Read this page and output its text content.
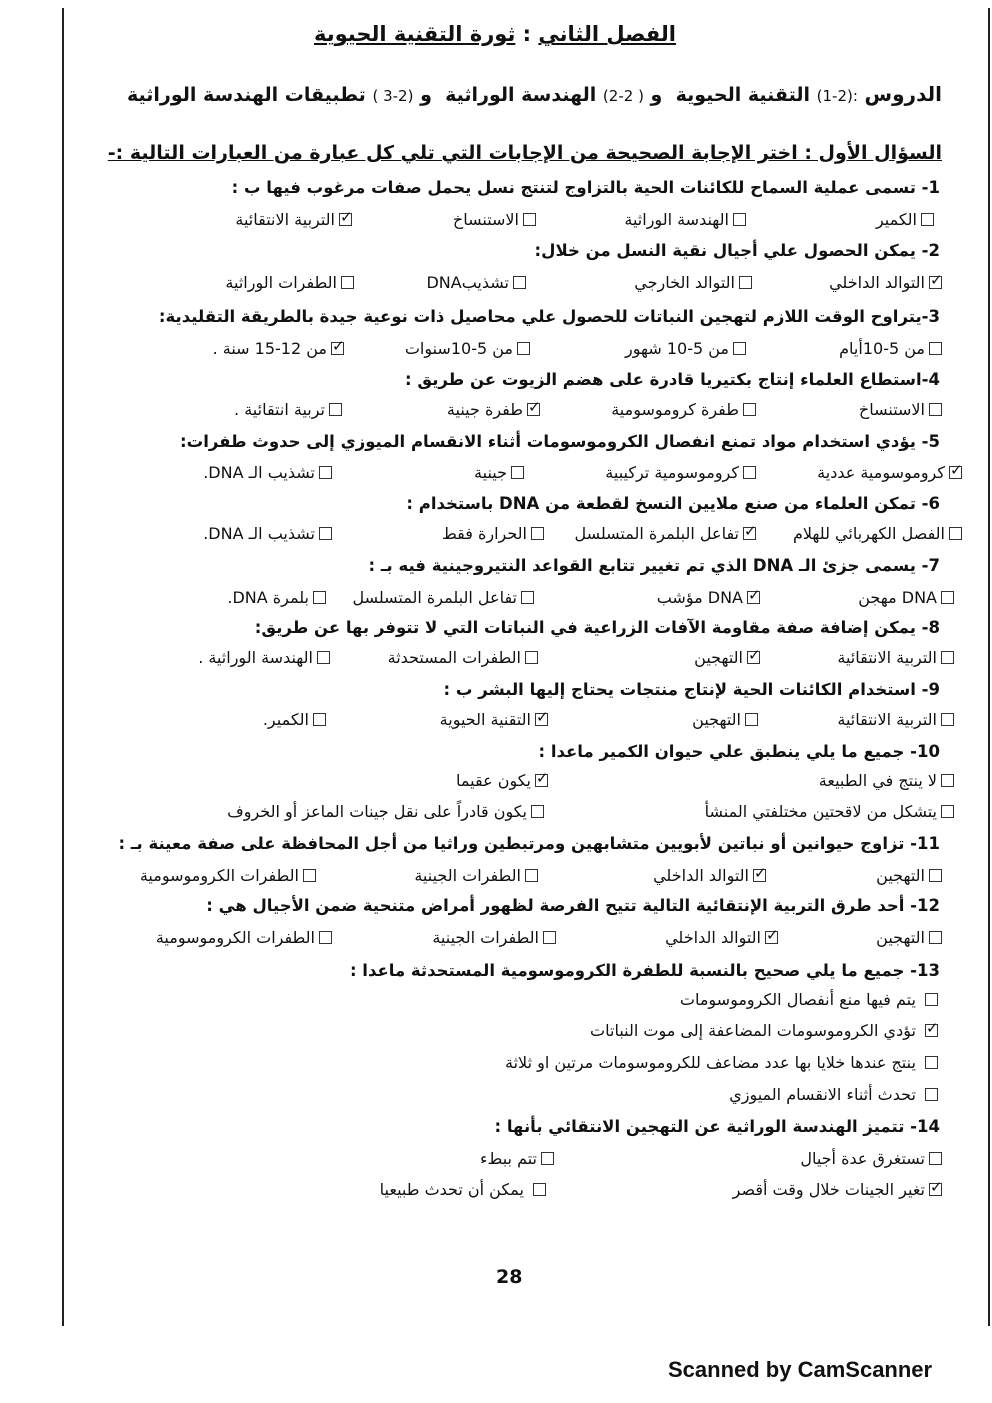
الفصل الثاني : ثورة التقنية الحيوية
الدروس :(2-1) التقنية الحيوية  و ( 2-2) الهندسة الوراثية  و (2-3 ) تطبيقات الهندسة الوراثية
السؤال الأول : اختر الإجابة الصحيحة من الإجابات التي تلي كل عبارة من العبارات التالية :-
1- تسمى عملية السماح للكائنات الحية بالتزاوج لتنتج نسل يحمل صفات مرغوب فيها ب :
الكمير
الهندسة الوراثية
الاستنساخ
✓التربية الانتقائية
2- يمكن الحصول علي أجيال نقية النسل من خلال:
✓التوالد الداخلي
التوالد الخارجي
تشذيبDNA
الطفرات الوراثية
3-يتراوح الوقت اللازم لتهجين النباتات للحصول علي محاصيل ذات نوعية جيدة بالطريقة التقليدية:
من 5-10أيام
من 5-10 شهور
من 5-10سنوات
✓من 12-15 سنة .
4-استطاع العلماء إنتاج بكتيريا قادرة على هضم الزيوت عن طريق :
الاستنساخ
طفرة كروموسومية
✓طفرة جينية
تربية انتقائية .
5- يؤدي استخدام مواد تمنع انفصال الكروموسومات أثناء الانقسام الميوزي إلى حدوث طفرات:
✓كروموسومية عددية
كروموسومية تركيبية
جينية
تشذيب الـ DNA.
6- تمكن العلماء من صنع ملايين النسخ لقطعة من DNA باستخدام :
الفصل الكهربائي للهلام
✓تفاعل البلمرة المتسلسل
الحرارة فقط
تشذيب الـ DNA.
7- يسمى جزئ الـ DNA الذي تم تغيير تتابع القواعد النتيروجينية فيه بـ :
DNA مهجن
✓DNA مؤشب
تفاعل البلمرة المتسلسل
بلمرة DNA.
8- يمكن إضافة صفة مقاومة الآفات الزراعية في النباتات التي لا تتوفر بها عن طريق:
التربية الانتقائية
✓التهجين
الطفرات المستحدثة
الهندسة الوراثية .
9- استخدام الكائنات الحية لإنتاج منتجات يحتاج إليها البشر ب :
التربية الانتقائية
التهجين
✓التقنية الحيوية
الكمير.
10- جميع ما يلي ينطبق علي حيوان الكمير ماعدا :
لا ينتج في الطبيعة
✓يكون عقيما
يتشكل من لاقحتين مختلفتي المنشأ
يكون قادراً على نقل جينات الماعز أو الخروف
11- تزاوج حيوانين أو نباتين لأبويين متشابهين ومرتبطين وراثيا من أجل المحافظة على صفة معينة بـ :
التهجين
✓التوالد الداخلي
الطفرات الجينية
الطفرات الكروموسومية
12- أحد طرق التربية الإنتقائية التالية تتيح الفرصة لظهور أمراض متنحية ضمن الأجيال هي :
التهجين
✓التوالد الداخلي
الطفرات الجينية
الطفرات الكروموسومية
13- جميع ما يلي صحيح بالنسبة للطفرة الكروموسومية المستحدثة ماعدا :
يتم فيها منع أنفصال الكروموسومات
✓ تؤدي الكروموسومات المضاعفة إلى موت النباتات
ينتج عندها خلايا بها عدد مضاعف للكروموسومات مرتين او ثلاثة
تحدث أثناء الانقسام الميوزي
14- تتميز الهندسة الوراثية عن التهجين الانتقائي بأنها :
تستغرق عدة أجيال
تتم ببطء
✓تغير الجينات خلال وقت أقصر
يمكن أن تحدث طبيعيا
28
Scanned by CamScanner
